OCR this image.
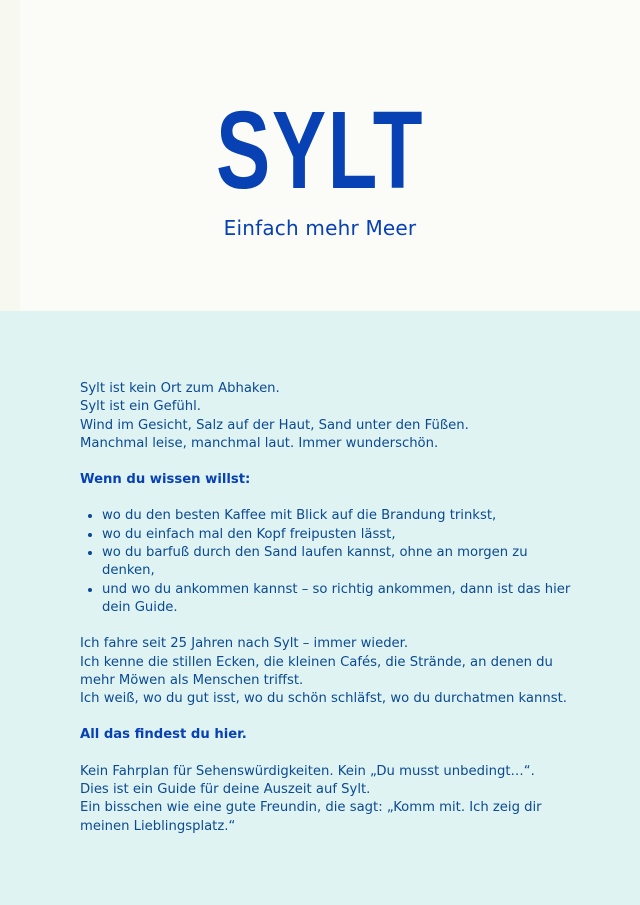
SYLT
Einfach mehr Meer
Sylt ist kein Ort zum Abhaken.
Sylt ist ein Gefühl.
Wind im Gesicht, Salz auf der Haut, Sand unter den Füßen.
Manchmal leise, manchmal laut. Immer wunderschön.
Wenn du wissen willst:
• wo du den besten Kaffee mit Blick auf die Brandung trinkst,
• wo du einfach mal den Kopf freipusten lässt,
• wo du barfuß durch den Sand laufen kannst, ohne an morgen zu denken,
• und wo du ankommen kannst – so richtig ankommen, dann ist das hier dein Guide.
Ich fahre seit 25 Jahren nach Sylt – immer wieder.
Ich kenne die stillen Ecken, die kleinen Cafés, die Strände, an denen du mehr Möwen als Menschen triffst.
Ich weiß, wo du gut isst, wo du schön schläfst, wo du durchatmen kannst.
All das findest du hier.
Kein Fahrplan für Sehenswürdigkeiten. Kein „Du musst unbedingt…“.
Dies ist ein Guide für deine Auszeit auf Sylt.
Ein bisschen wie eine gute Freundin, die sagt: „Komm mit. Ich zeig dir meinen Lieblingsplatz.“
